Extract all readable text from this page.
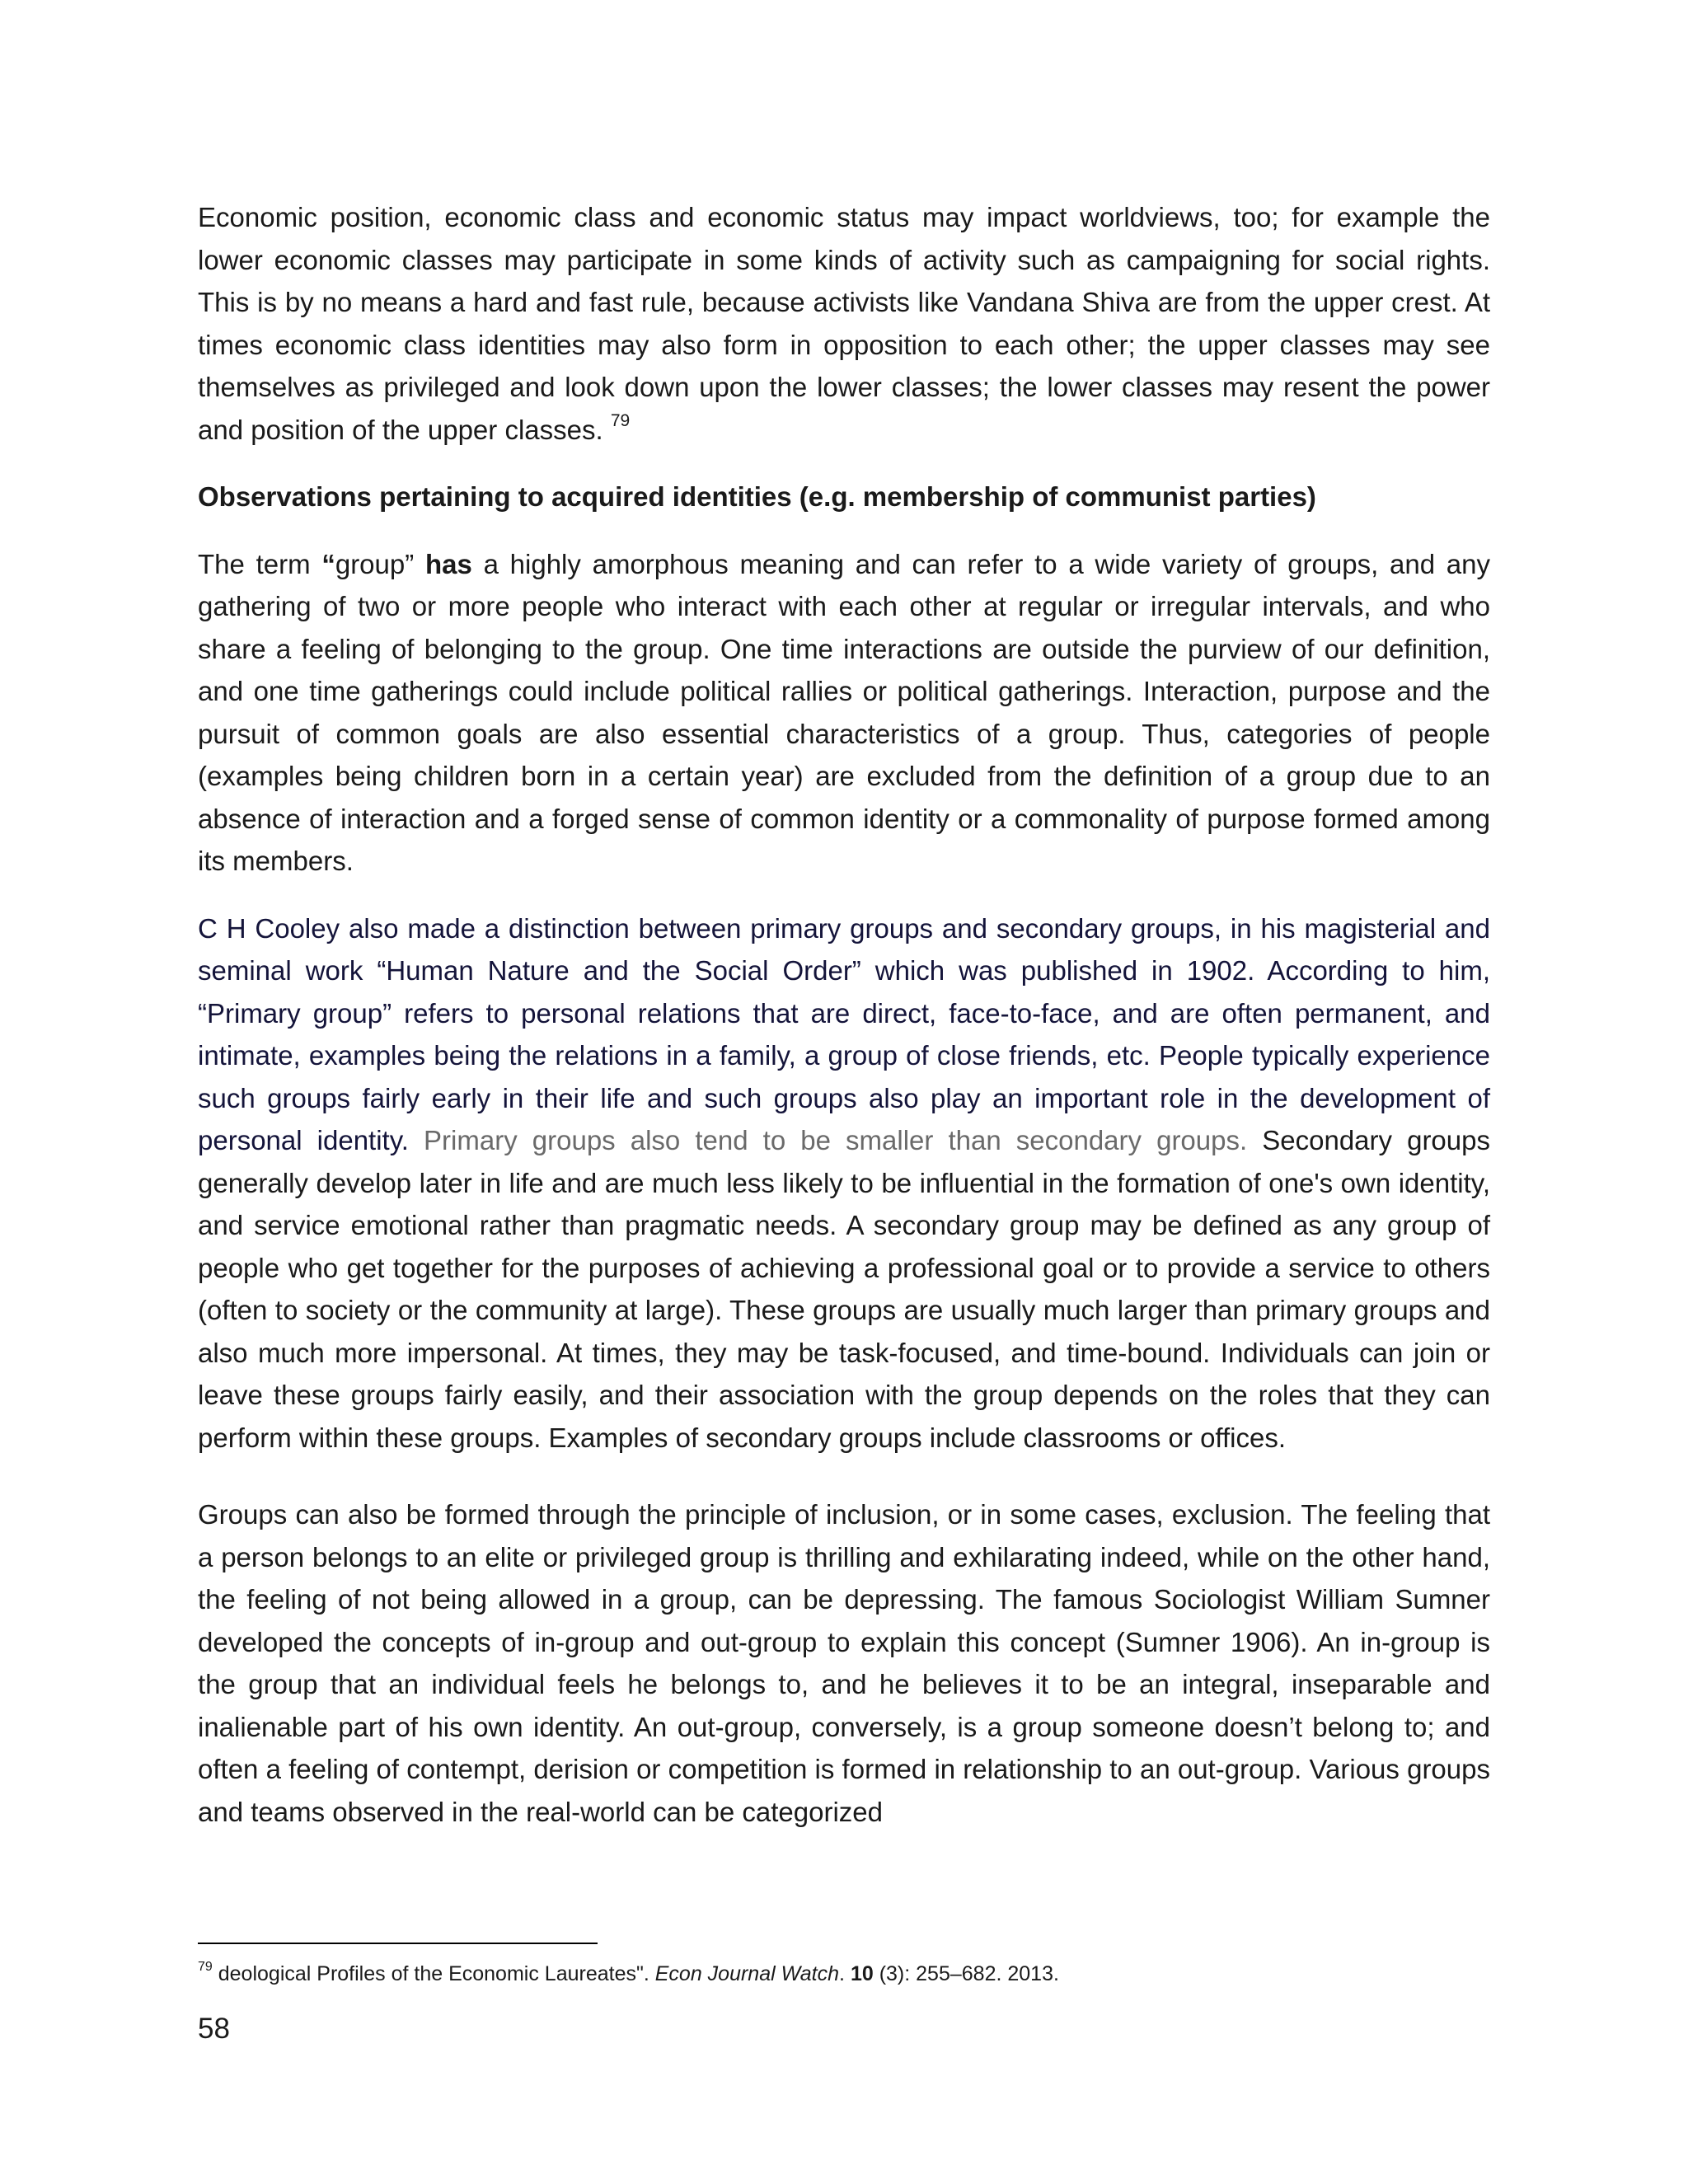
Economic position, economic class and economic status may impact worldviews, too; for example the lower economic classes may participate in some kinds of activity such as campaigning for social rights. This is by no means a hard and fast rule, because activists like Vandana Shiva are from the upper crest. At times economic class identities may also form in opposition to each other; the upper classes may see themselves as privileged and look down upon the lower classes; the lower classes may resent the power and position of the upper classes. $^{79}$

Observations pertaining to acquired identities (e.g. membership of communist parties)

The term “group” has a highly amorphous meaning and can refer to a wide variety of groups, and any gathering of two or more people who interact with each other at regular or irregular intervals, and who share a feeling of belonging to the group. One time interactions are outside the purview of our definition, and one time gatherings could include political rallies or political gatherings. Interaction, purpose and the pursuit of common goals are also essential characteristics of a group. Thus, categories of people (examples being children born in a certain year) are excluded from the definition of a group due to an absence of interaction and a forged sense of common identity or a commonality of purpose formed among its members.

C H Cooley also made a distinction between primary groups and secondary groups, in his magisterial and seminal work “Human Nature and the Social Order” which was published in 1902. According to him, “Primary group” refers to personal relations that are direct, face-to-face, and are often permanent, and intimate, examples being the relations in a family, a group of close friends, etc. People typically experience such groups fairly early in their life and such groups also play an important role in the development of personal identity. Primary groups also tend to be smaller than secondary groups. Secondary groups generally develop later in life and are much less likely to be influential in the formation of one's own identity, and service emotional rather than pragmatic needs. A secondary group may be defined as any group of people who get together for the purposes of achieving a professional goal or to provide a service to others (often to society or the community at large). These groups are usually much larger than primary groups and also much more impersonal. At times, they may be task-focused, and time-bound. Individuals can join or leave these groups fairly easily, and their association with the group depends on the roles that they can perform within these groups. Examples of secondary groups include classrooms or offices.

Groups can also be formed through the principle of inclusion, or in some cases, exclusion. The feeling that a person belongs to an elite or privileged group is thrilling and exhilarating indeed, while on the other hand, the feeling of not being allowed in a group, can be depressing. The famous Sociologist William Sumner developed the concepts of in-group and out-group to explain this concept (Sumner 1906). An in-group is the group that an individual feels he belongs to, and he believes it to be an integral, inseparable and inalienable part of his own identity. An out-group, conversely, is a group someone doesn’t belong to; and often a feeling of contempt, derision or competition is formed in relationship to an out-group. Various groups and teams observed in the real-world can be categorized

$^{79}$ deological Profiles of the Economic Laureates". Econ Journal Watch. 10 (3): 255–682. 2013.
58
